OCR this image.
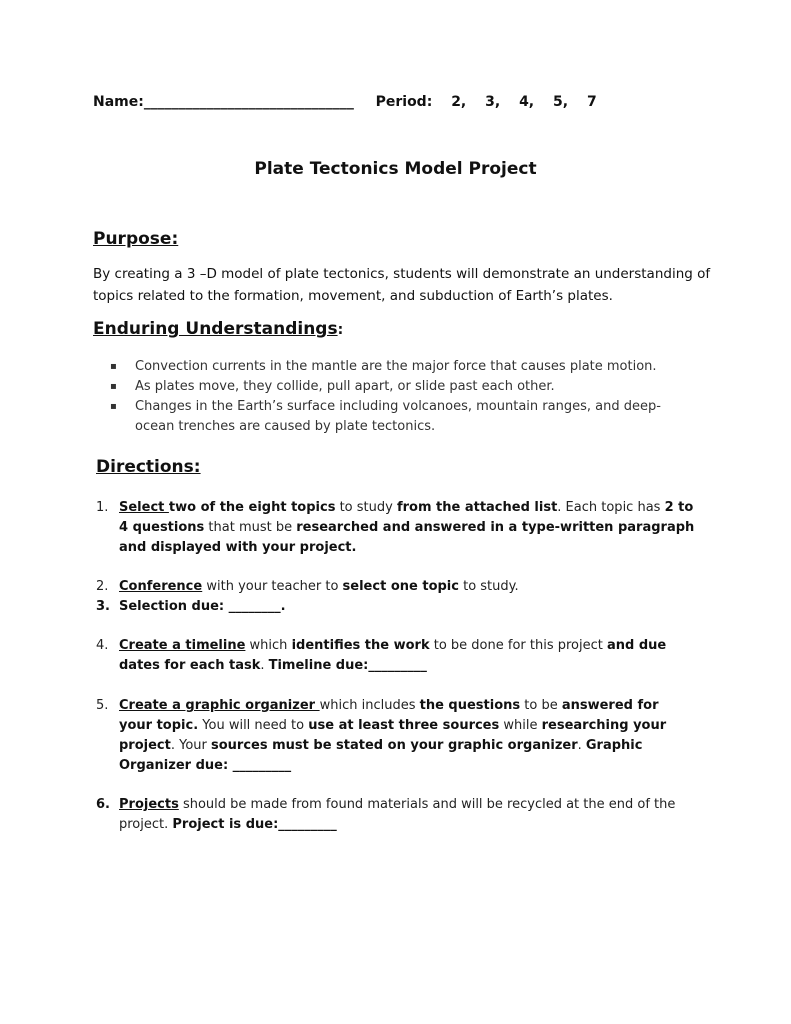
Name:______________________________ Period: 2, 3, 4, 5, 7
Plate Tectonics Model Project
Purpose:
By creating a 3 –D model of plate tectonics, students will demonstrate an understanding of topics related to the formation, movement, and subduction of Earth’s plates.
Enduring Understandings:
▪ Convection currents in the mantle are the major force that causes plate motion.
▪ As plates move, they collide, pull apart, or slide past each other.
▪ Changes in the Earth’s surface including volcanoes, mountain ranges, and deep-ocean trenches are caused by plate tectonics.
Directions:
1. Select two of the eight topics to study from the attached list. Each topic has 2 to 4 questions that must be researched and answered in a type-written paragraph and displayed with your project.
2. Conference with your teacher to select one topic to study.
3. Selection due: ________.
4. Create a timeline which identifies the work to be done for this project and due dates for each task. Timeline due:_________
5. Create a graphic organizer which includes the questions to be answered for your topic. You will need to use at least three sources while researching your project. Your sources must be stated on your graphic organizer. Graphic Organizer due: _________
6. Projects should be made from found materials and will be recycled at the end of the project. Project is due:_________
